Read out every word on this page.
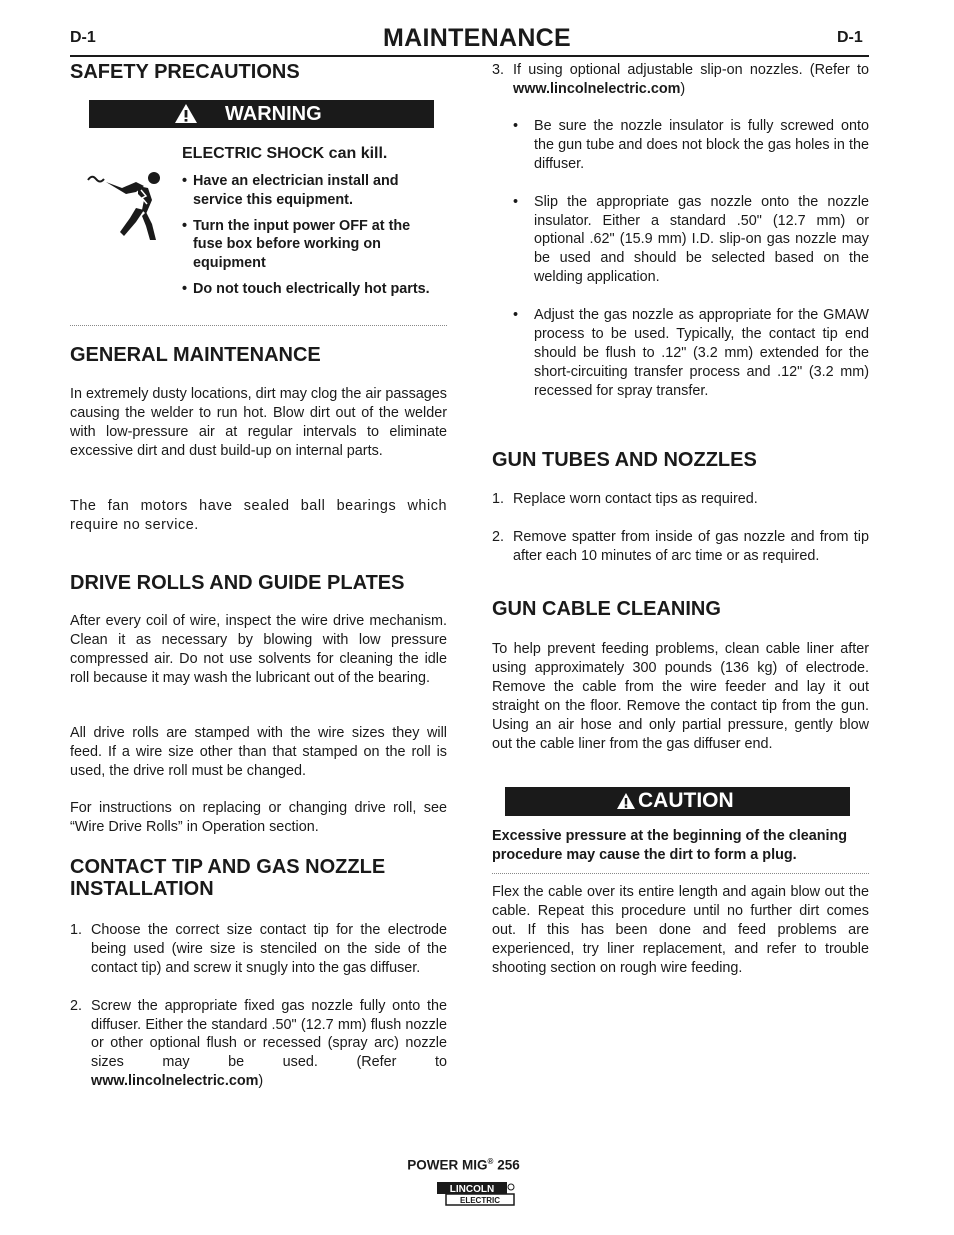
D-1	MAINTENANCE	D-1
SAFETY PRECAUTIONS
WARNING
ELECTRIC SHOCK can kill.
• Have an electrician install and service this equipment.
• Turn the input power OFF at the fuse box before working on equipment
• Do not touch electrically hot parts.
GENERAL MAINTENANCE

In extremely dusty locations, dirt may clog the air passages causing the welder to run hot. Blow dirt out of the welder with low-pressure air at regular intervals to eliminate excessive dirt and dust build-up on internal parts.

The fan motors have sealed ball bearings which require no service.

DRIVE ROLLS AND GUIDE PLATES

After every coil of wire, inspect the wire drive mechanism. Clean it as necessary by blowing with low pressure compressed air. Do not use solvents for cleaning the idle roll because it may wash the lubricant out of the bearing.

All drive rolls are stamped with the wire sizes they will feed. If a wire size other than that stamped on the roll is used, the drive roll must be changed.

For instructions on replacing or changing drive roll, see “Wire Drive Rolls” in Operation section.

CONTACT TIP AND GAS NOZZLE INSTALLATION
1. Choose the correct size contact tip for the electrode being used (wire size is stenciled on the side of the contact tip) and screw it snugly into the gas diffuser.
2. Screw the appropriate fixed gas nozzle fully onto the diffuser. Either the standard .50" (12.7 mm) flush nozzle or other optional flush or recessed (spray arc) nozzle sizes may be used. (Refer to www.lincolnelectric.com)
3. If using optional adjustable slip-on nozzles. (Refer to www.lincolnelectric.com)
• Be sure the nozzle insulator is fully screwed onto the gun tube and does not block the gas holes in the diffuser.
• Slip the appropriate gas nozzle onto the nozzle insulator. Either a standard .50" (12.7 mm) or optional .62" (15.9 mm) I.D. slip-on gas nozzle may be used and should be selected based on the welding application.
• Adjust the gas nozzle as appropriate for the GMAW process to be used. Typically, the contact tip end should be flush to .12" (3.2 mm) extended for the short-circuiting transfer process and .12" (3.2 mm) recessed for spray transfer.
GUN TUBES AND NOZZLES
1. Replace worn contact tips as required.
2. Remove spatter from inside of gas nozzle and from tip after each 10 minutes of arc time or as required.
GUN CABLE CLEANING

To help prevent feeding problems, clean cable liner after using approximately 300 pounds (136 kg) of electrode. Remove the cable from the wire feeder and lay it out straight on the floor. Remove the contact tip from the gun. Using an air hose and only partial pressure, gently blow out the cable liner from the gas diffuser end.

CAUTION

Excessive pressure at the beginning of the cleaning procedure may cause the dirt to form a plug.

Flex the cable over its entire length and again blow out the cable. Repeat this procedure until no further dirt comes out. If this has been done and feed problems are experienced, try liner replacement, and refer to trouble shooting section on rough wire feeding.

POWER MIG® 256
LINCOLN
ELECTRIC
